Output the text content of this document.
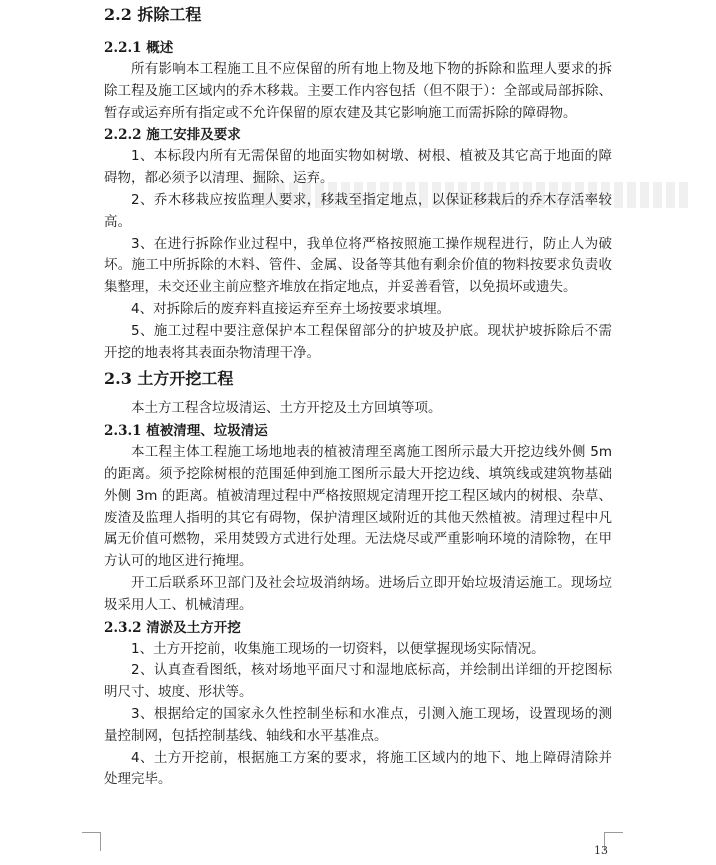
2.2 拆除工程
2.2.1 概述

所有影响本工程施工且不应保留的所有地上物及地下物的拆除和监理人要求的拆除工程及施工区域内的乔木移栽。主要工作内容包括（但不限于）：全部或局部拆除、暂存或运弃所有指定或不允许保留的原农建及其它影响施工而需拆除的障碍物。

2.2.2 施工安排及要求

1、本标段内所有无需保留的地面实物如树墩、树根、植被及其它高于地面的障碍物，都必须予以清理、掘除、运弃。

2、乔木移栽应按监理人要求，移栽至指定地点，以保证移栽后的乔木存活率较高。

3、在进行拆除作业过程中，我单位将严格按照施工操作规程进行，防止人为破坏。施工中所拆除的木料、管件、金属、设备等其他有剩余价值的物料按要求负责收集整理，未交还业主前应整齐堆放在指定地点，并妥善看管，以免损坏或遗失。

4、对拆除后的废弃料直接运弃至弃土场按要求填埋。

5、施工过程中要注意保护本工程保留部分的护坡及护底。现状护坡拆除后不需开挖的地表将其表面杂物清理干净。

2.3 土方开挖工程

本土方工程含垃圾清运、土方开挖及土方回填等项。

2.3.1 植被清理、垃圾清运

本工程主体工程施工场地地表的植被清理至离施工图所示最大开挖边线外侧 5m 的距离。须予挖除树根的范围延伸到施工图所示最大开挖边线、填筑线或建筑物基础外侧 3m 的距离。植被清理过程中严格按照规定清理开挖工程区域内的树根、杂草、废渣及监理人指明的其它有碍物，保护清理区域附近的其他天然植被。清理过程中凡属无价值可燃物，采用焚毁方式进行处理。无法烧尽或严重影响环境的清除物，在甲方认可的地区进行掩埋。

开工后联系环卫部门及社会垃圾消纳场。进场后立即开始垃圾清运施工。现场垃圾采用人工、机械清理。

2.3.2 清淤及土方开挖

1、土方开挖前，收集施工现场的一切资料，以便掌握现场实际情况。

2、认真查看图纸，核对场地平面尺寸和湿地底标高，并绘制出详细的开挖图标明尺寸、坡度、形状等。

3、根据给定的国家永久性控制坐标和水准点，引测入施工现场，设置现场的测量控制网，包括控制基线、轴线和水平基准点。

4、土方开挖前，根据施工方案的要求，将施工区域内的地下、地上障碍清除并处理完毕。

13
